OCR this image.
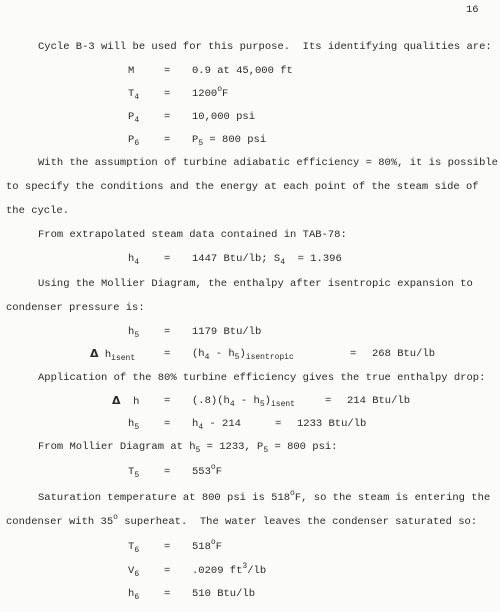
16
Cycle B-3 will be used for this purpose.  Its identifying qualities are:
M	= 0.9 at 45,000 ft
$T_4 = 1200^oF$
$P_4 = 10,000$ psi
$P_6 = P_5 = 800$ psi
With the assumption of turbine adiabatic efficiency = 80%, it is possible
to specify the conditions and the energy at each point of the steam side of
the cycle.
From extrapolated steam data contained in TAB-78:
$h_4 = 1447$ Btu/lb; $S_4 = 1.396$
Using the Mollier Diagram, the enthalpy after isentropic expansion to
condenser pressure is:
$h_5 = 1179$ Btu/lb
Δ $h_{isent}$	= $(h_4 - h_5)_{isentropic}$	= 268 Btu/lb
Application of the 80% turbine efficiency gives the true enthalpy drop:
Δ $h = (.8)(h_4 - h_5)_{isent}$	= 214 Btu/lb
$h_5 = h_4 - 214$	= 1233 Btu/lb
From Mollier Diagram at $h_5 = 1233$, $P_5 = 800$ psi:
$T_5 = 553^oF$
Saturation temperature at 800 psi is 518$^o$F, so the steam is entering the
condenser with 35$^o$ superheat.  The water leaves the condenser saturated so:
$T_6 = 518^oF$
$V_6 = .0209$ $ft^3/lb$
$h_6 = 510$ Btu/lb
